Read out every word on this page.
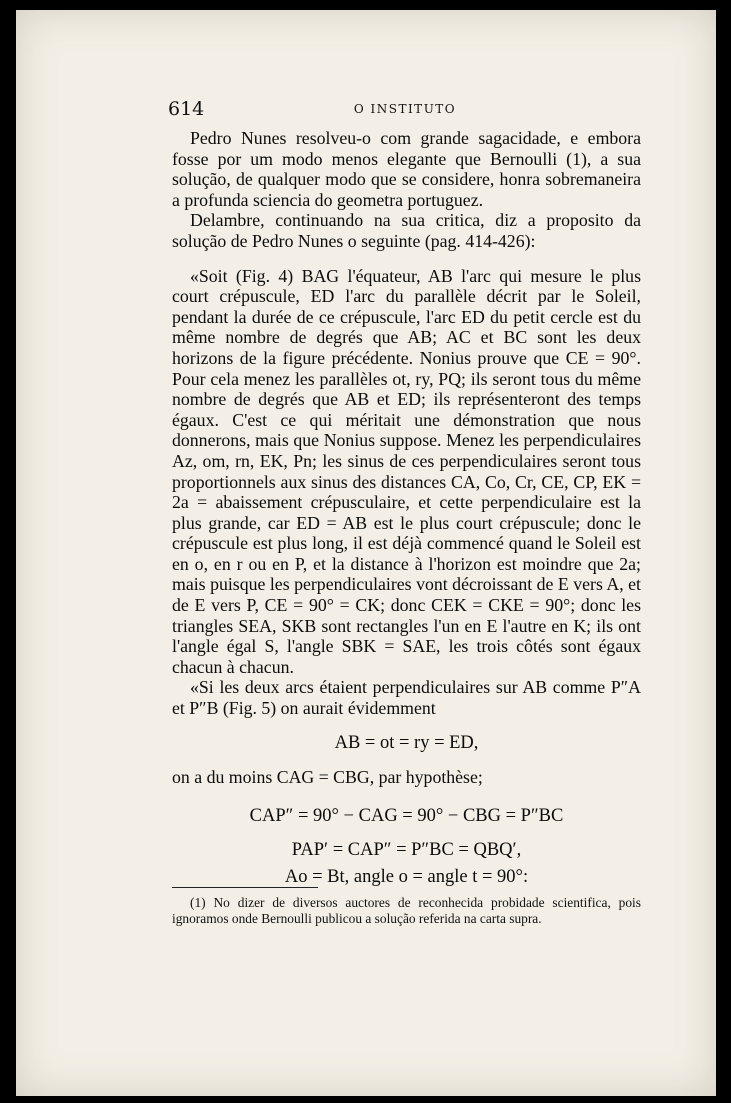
614	O INSTITUTO

Pedro Nunes resolveu-o com grande sagacidade, e embora fosse por um modo menos elegante que Bernoulli (1), a sua solução, de qualquer modo que se considere, honra sobremaneira a profunda sciencia do geometra portuguez.

Delambre, continuando na sua critica, diz a proposito da solução de Pedro Nunes o seguinte (pag. 414-426):

«Soit (Fig. 4) BAG l'équateur, AB l'arc qui mesure le plus court crépuscule, ED l'arc du parallèle décrit par le Soleil, pendant la durée de ce crépuscule, l'arc ED du petit cercle est du même nombre de degrés que AB; AC et BC sont les deux horizons de la figure précédente. Nonius prouve que CE = 90°. Pour cela menez les parallèles ot, ry, PQ; ils seront tous du même nombre de degrés que AB et ED; ils représenteront des temps égaux. C'est ce qui méritait une démonstration que nous donnerons, mais que Nonius suppose. Menez les perpendiculaires Az, om, rn, EK, Pn; les sinus de ces perpendiculaires seront tous proportionnels aux sinus des distances CA, Co, Cr, CE, CP, EK = 2a = abaissement crépusculaire, et cette perpendiculaire est la plus grande, car ED = AB est le plus court crépuscule; donc le crépuscule est plus long, il est déjà commencé quand le Soleil est en o, en r ou en P, et la distance à l'horizon est moindre que 2a; mais puisque les perpendiculaires vont décroissant de E vers A, et de E vers P, CE = 90° = CK; donc CEK = CKE = 90°; donc les triangles SEA, SKB sont rectangles l'un en E l'autre en K; ils ont l'angle égal S, l'angle SBK = SAE, les trois côtés sont égaux chacun à chacun.

«Si les deux arcs étaient perpendiculaires sur AB comme P″A et P″B (Fig. 5) on aurait évidemment

AB = ot = ry = ED,

on a du moins CAG = CBG, par hypothèse;

CAP″ = 90° − CAG = 90° − CBG = P″BC

PAP′ = CAP″ = P″BC = QBQ′,

Ao = Bt, angle o = angle t = 90°:

(1) No dizer de diversos auctores de reconhecida probidade scientifica, pois ignoramos onde Bernoulli publicou a solução referida na carta supra.
